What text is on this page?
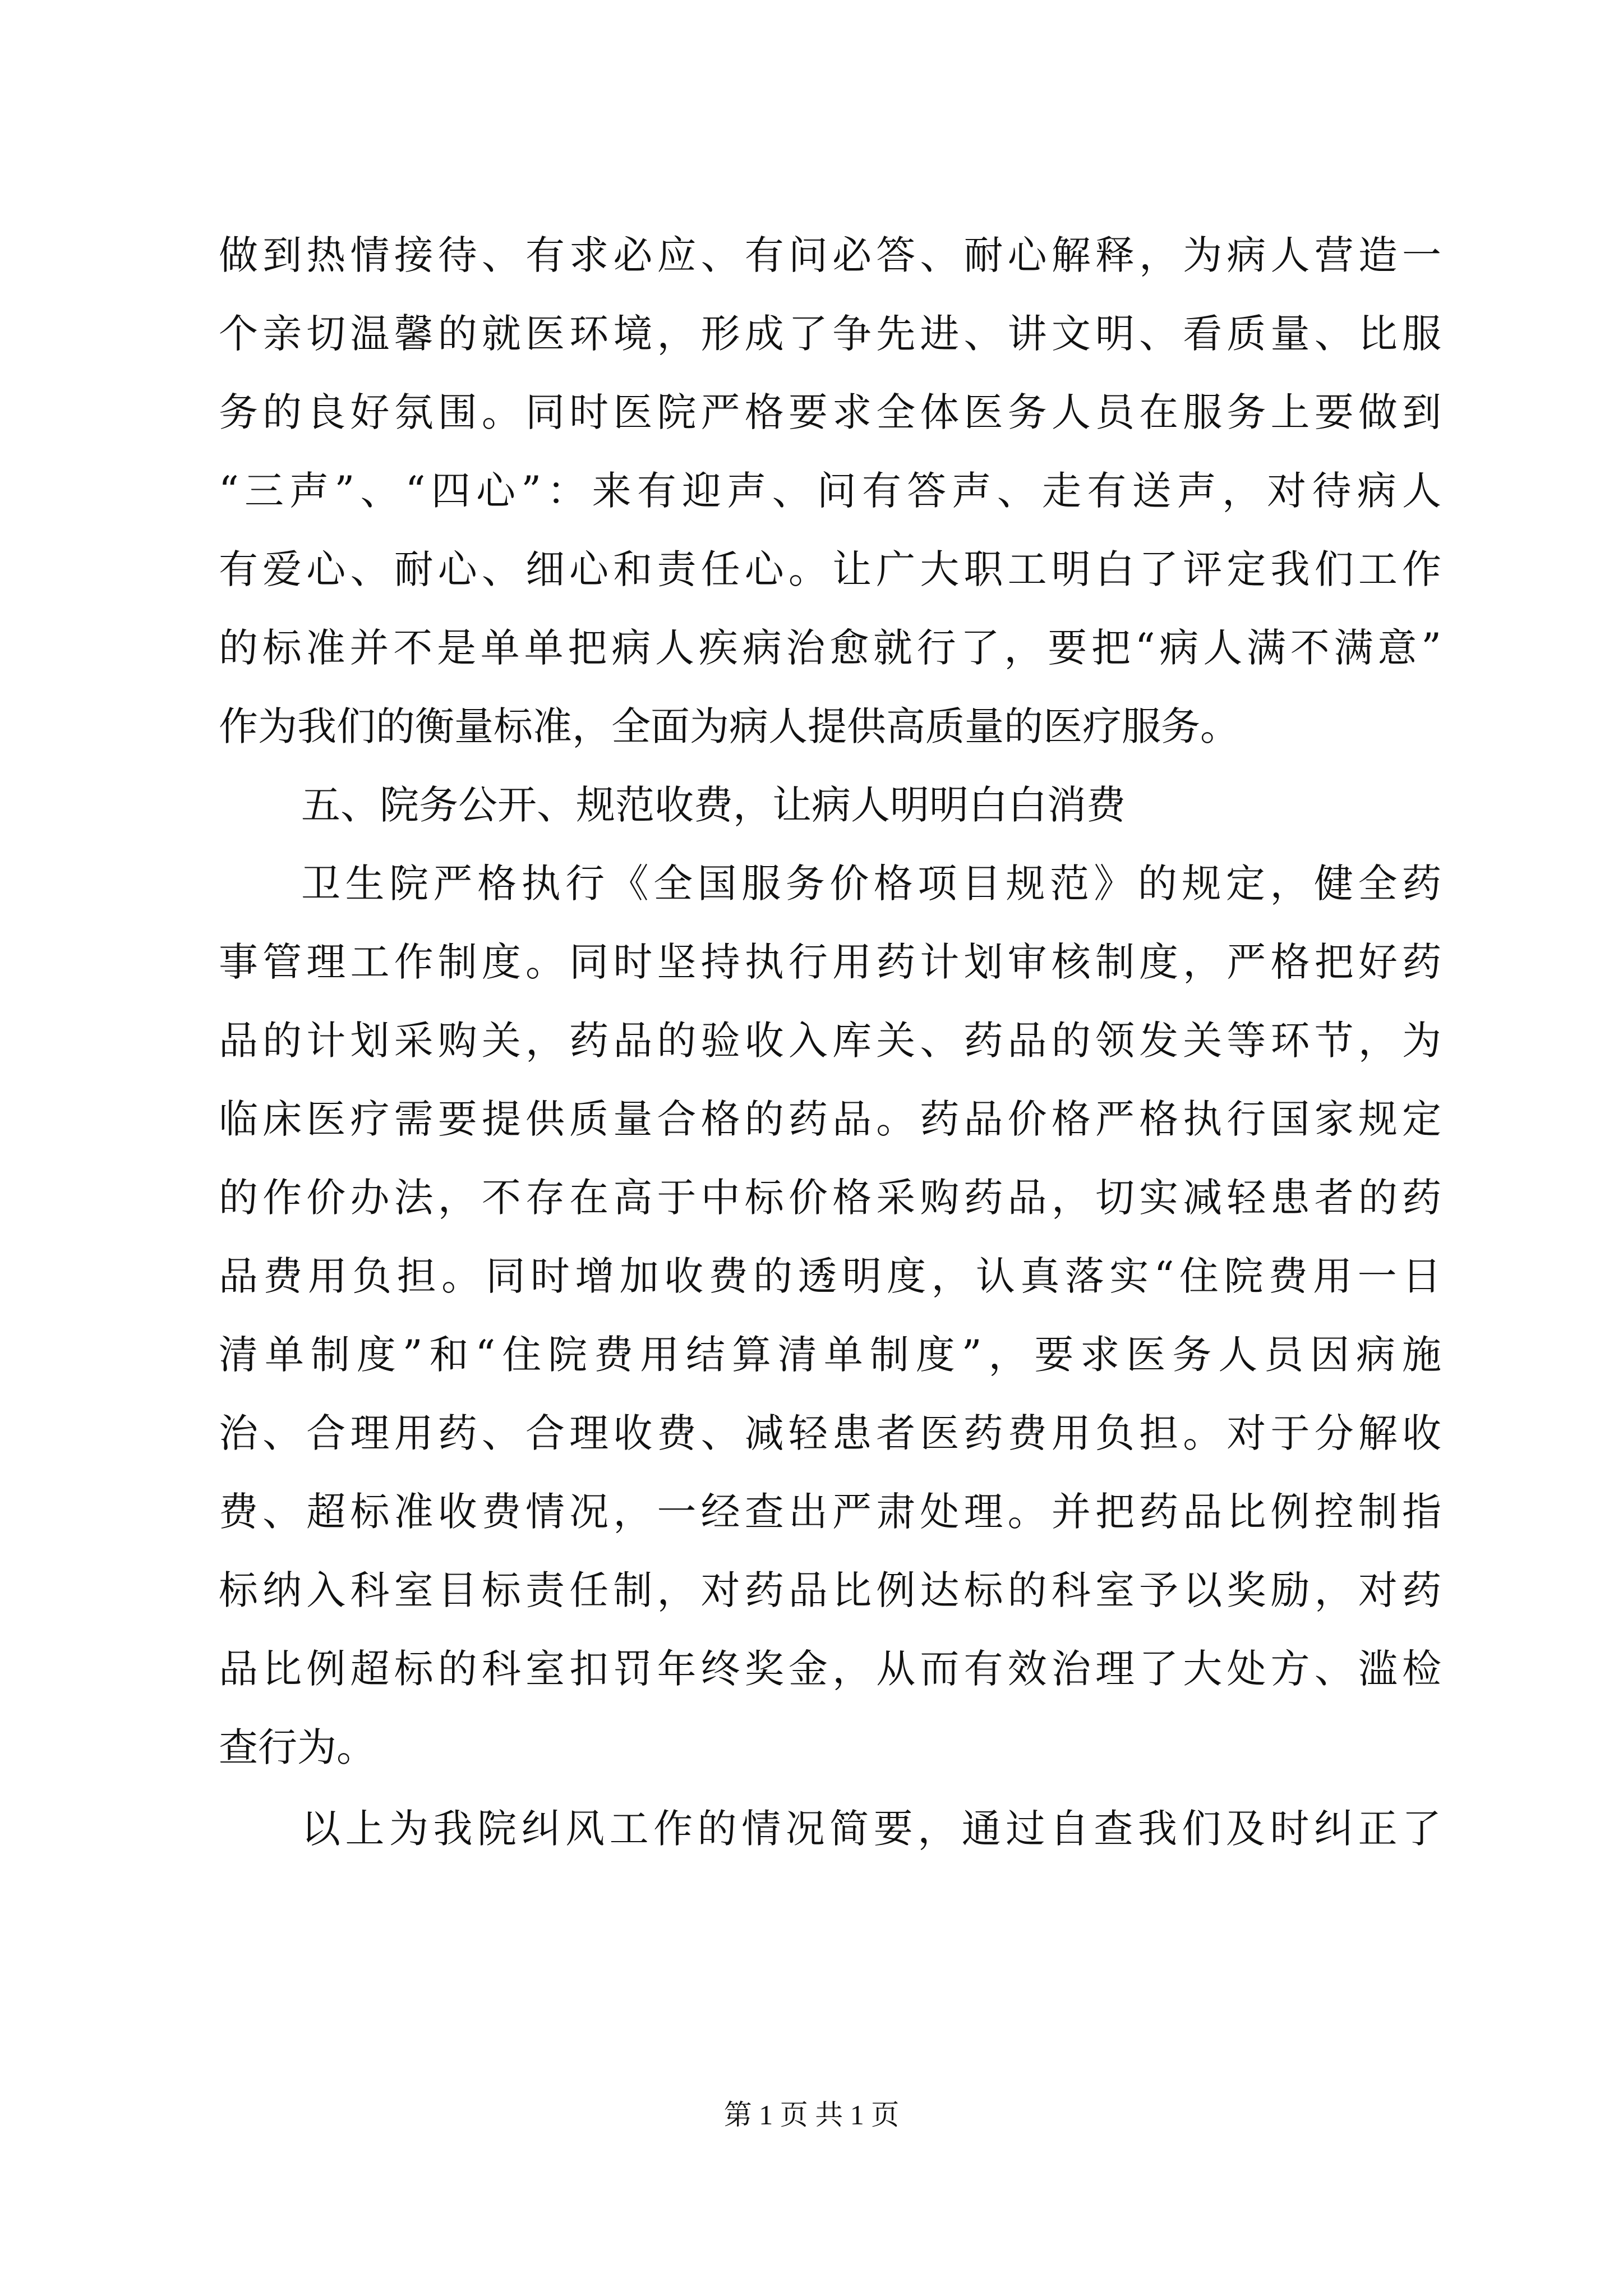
做到热情接待、有求必应、有问必答、耐心解释，为病人营造一
个亲切温馨的就医环境，形成了争先进、讲文明、看质量、比服
务的良好氛围。同时医院严格要求全体医务人员在服务上要做到
“三声”、“四心”：来有迎声、问有答声、走有送声，对待病人
有爱心、耐心、细心和责任心。让广大职工明白了评定我们工作
的标准并不是单单把病人疾病治愈就行了，要把“病人满不满意”
作为我们的衡量标准，全面为病人提供高质量的医疗服务。
五、院务公开、规范收费，让病人明明白白消费
卫生院严格执行《全国服务价格项目规范》的规定，健全药
事管理工作制度。同时坚持执行用药计划审核制度，严格把好药
品的计划采购关，药品的验收入库关、药品的领发关等环节，为
临床医疗需要提供质量合格的药品。药品价格严格执行国家规定
的作价办法，不存在高于中标价格采购药品，切实减轻患者的药
品费用负担。同时增加收费的透明度，认真落实“住院费用一日
清单制度”和“住院费用结算清单制度”，要求医务人员因病施
治、合理用药、合理收费、减轻患者医药费用负担。对于分解收
费、超标准收费情况，一经查出严肃处理。并把药品比例控制指
标纳入科室目标责任制，对药品比例达标的科室予以奖励，对药
品比例超标的科室扣罚年终奖金，从而有效治理了大处方、滥检
查行为。
以上为我院纠风工作的情况简要，通过自查我们及时纠正了
第 1 页 共 1 页
